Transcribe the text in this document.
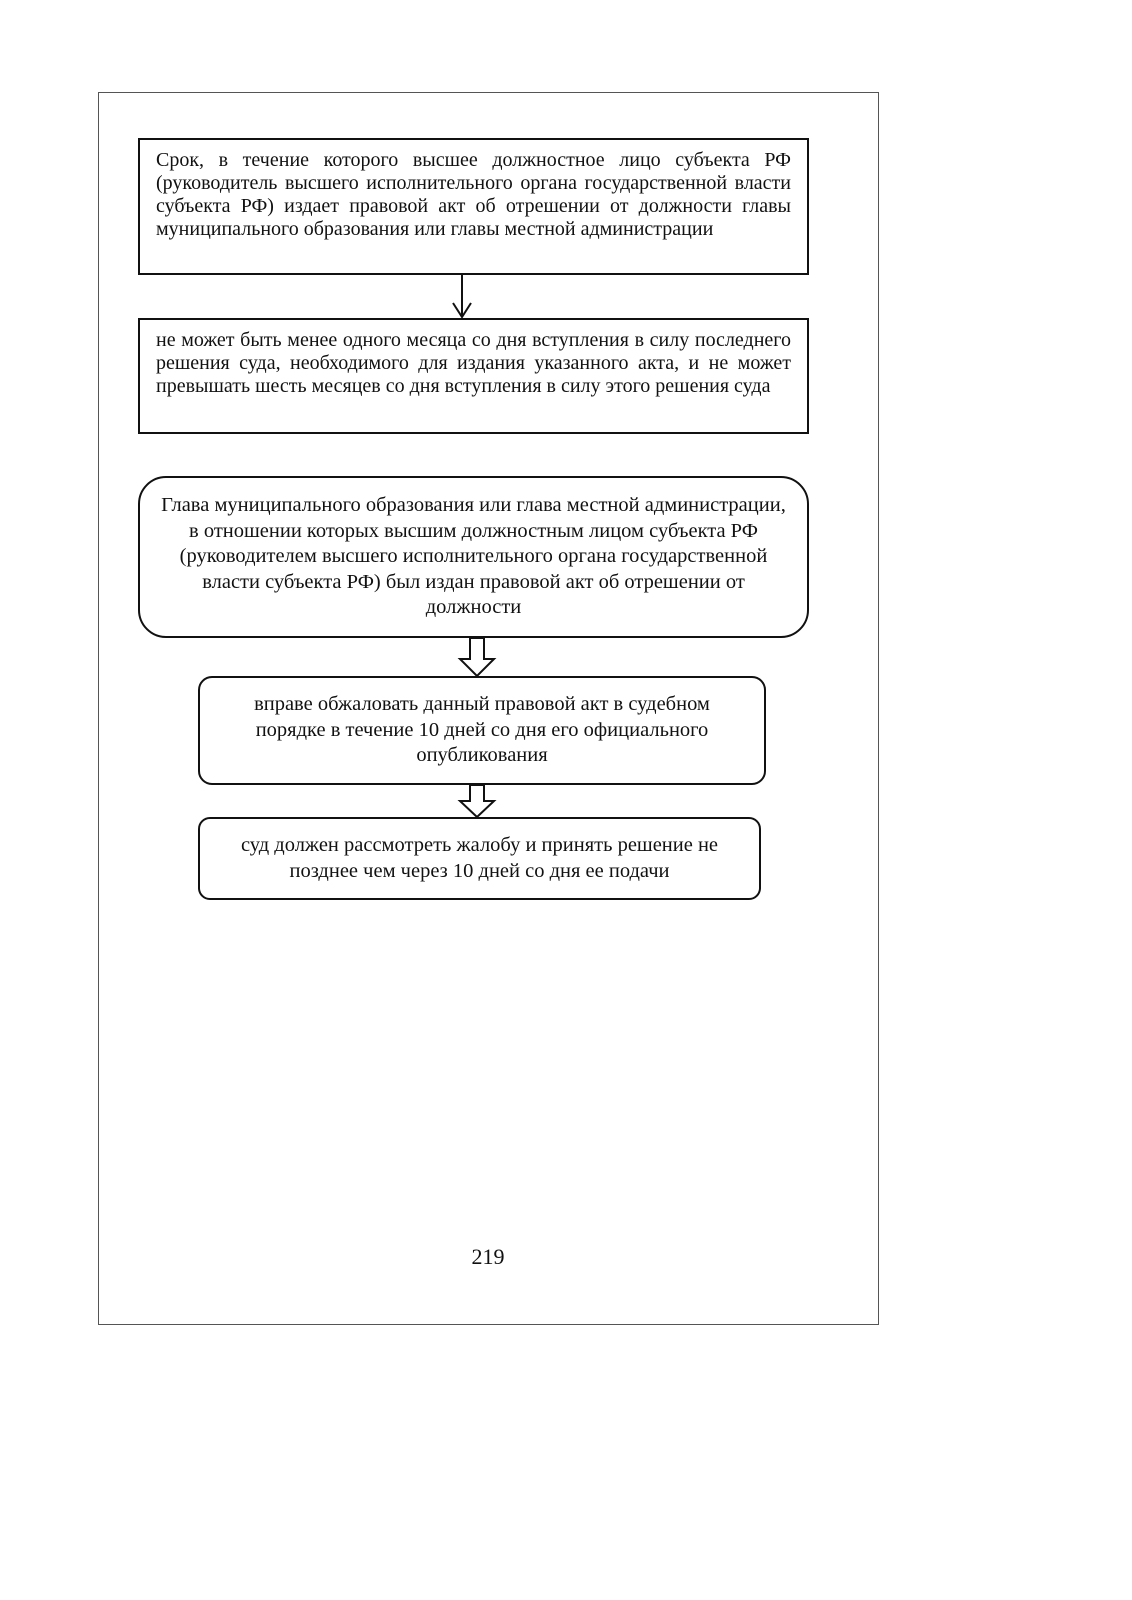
Срок, в течение которого высшее должностное лицо субъекта РФ (руководитель высшего исполнительного органа государственной власти субъекта РФ) издает правовой акт об отрешении от должности главы муниципального образования или главы местной администрации
не может быть менее одного месяца со дня вступления в силу последнего решения суда, необходимого для издания указанного акта, и не может превышать шесть месяцев со дня вступления в силу этого решения суда
Глава муниципального образования или глава местной администрации, в отношении которых высшим должностным лицом субъекта РФ (руководителем высшего исполнительного органа государственной власти субъекта РФ) был издан правовой акт об отрешении от должности
вправе обжаловать данный правовой акт в судебном порядке в течение 10 дней со дня его официального опубликования
суд должен рассмотреть жалобу и принять решение не позднее чем через 10 дней со дня ее подачи
219
